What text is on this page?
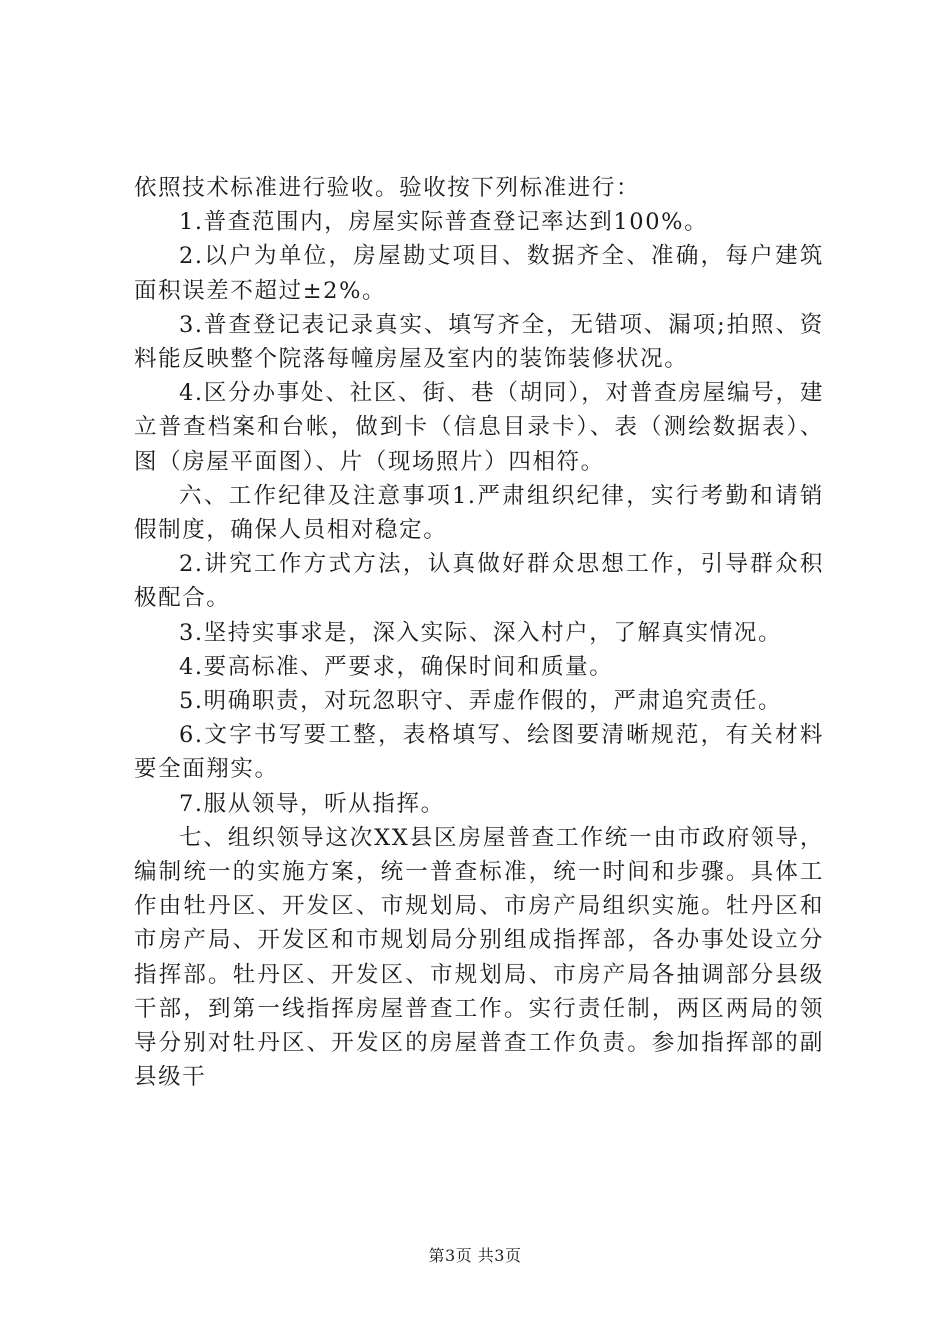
依照技术标准进行验收。验收按下列标准进行：

1.普查范围内，房屋实际普查登记率达到100%。

2.以户为单位，房屋勘丈项目、数据齐全、准确，每户建筑面积误差不超过±2%。

3.普查登记表记录真实、填写齐全，无错项、漏项;拍照、资料能反映整个院落每幢房屋及室内的装饰装修状况。

4.区分办事处、社区、街、巷（胡同），对普查房屋编号，建立普查档案和台帐，做到卡（信息目录卡）、表（测绘数据表）、图（房屋平面图）、片（现场照片）四相符。

六、工作纪律及注意事项1.严肃组织纪律，实行考勤和请销假制度，确保人员相对稳定。

2.讲究工作方式方法，认真做好群众思想工作，引导群众积极配合。

3.坚持实事求是，深入实际、深入村户，了解真实情况。

4.要高标准、严要求，确保时间和质量。

5.明确职责，对玩忽职守、弄虚作假的，严肃追究责任。

6.文字书写要工整，表格填写、绘图要清晰规范，有关材料要全面翔实。

7.服从领导，听从指挥。

七、组织领导这次XX县区房屋普查工作统一由市政府领导，编制统一的实施方案，统一普查标准，统一时间和步骤。具体工作由牡丹区、开发区、市规划局、市房产局组织实施。牡丹区和市房产局、开发区和市规划局分别组成指挥部，各办事处设立分指挥部。牡丹区、开发区、市规划局、市房产局各抽调部分县级干部，到第一线指挥房屋普查工作。实行责任制，两区两局的领导分别对牡丹区、开发区的房屋普查工作负责。参加指挥部的副县级干

第3页 共3页
